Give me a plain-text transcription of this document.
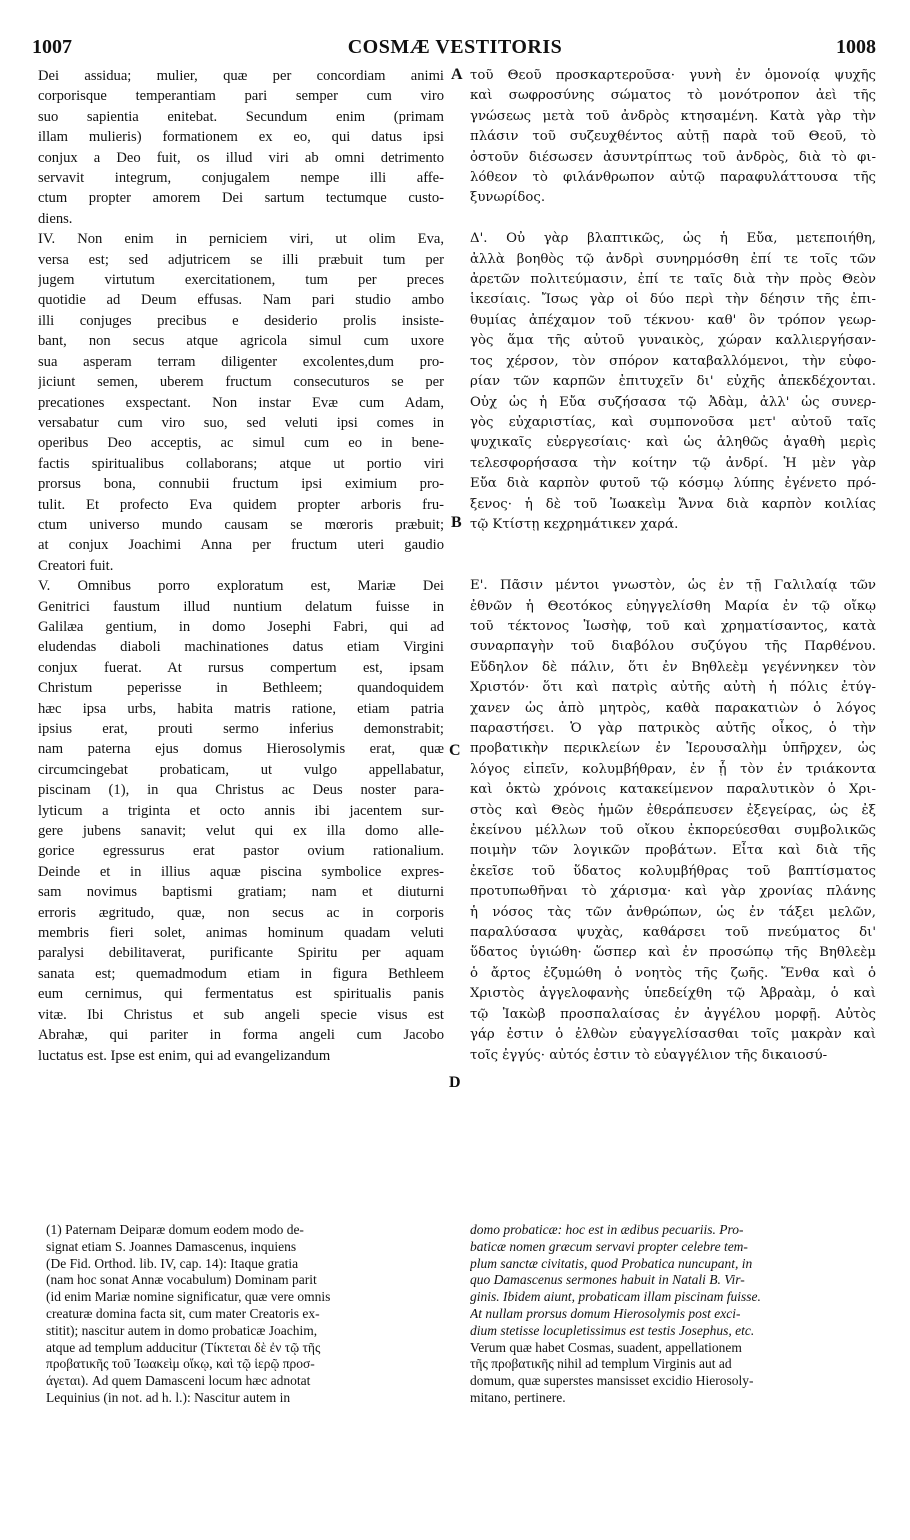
1007	COSMÆ VESTITORIS	1008
A
B
C
D
Dei assidua; mulier, quæ per concordiam animi
corporisque temperantiam pari semper cum viro
suo sapientia enitebat. Secundum enim (primam
illam mulieris) formationem ex eo, qui datus ipsi
conjux a Deo fuit, os illud viri ab omni detrimento
servavit integrum, conjugalem nempe illi affe-
ctum propter amorem Dei sartum tectumque custo-
diens.
IV. Non enim in perniciem viri, ut olim Eva,
versa est; sed adjutricem se illi præbuit tum per
jugem virtutum exercitationem, tum per preces
quotidie ad Deum effusas. Nam pari studio ambo
illi conjuges precibus e desiderio prolis insiste-
bant, non secus atque agricola simul cum uxore
sua asperam terram diligenter excolentes,dum pro-
jiciunt semen, uberem fructum consecuturos se per
precationes exspectant. Non instar Evæ cum Adam,
versabatur cum viro suo, sed veluti ipsi comes in
operibus Deo acceptis, ac simul cum eo in bene-
factis spiritualibus collaborans; atque ut portio viri
prorsus bona, connubii fructum ipsi eximium pro-
tulit. Et profecto Eva quidem propter arboris fru-
ctum universo mundo causam se mœroris præbuit;
at conjux Joachimi Anna per fructum uteri gaudio
Creatori fuit.
V. Omnibus porro exploratum est, Mariæ Dei
Genitrici faustum illud nuntium delatum fuisse in
Galilæa gentium, in domo Josephi Fabri, qui ad
eludendas diaboli machinationes datus etiam Virgini
conjux fuerat. At rursus compertum est, ipsam
Christum peperisse in Bethleem; quandoquidem
hæc ipsa urbs, habita matris ratione, etiam patria
ipsius erat, prouti sermo inferius demonstrabit;
nam paterna ejus domus Hierosolymis erat, quæ
circumcingebat probaticam, ut vulgo appellabatur,
piscinam (1), in qua Christus ac Deus noster para-
lyticum a triginta et octo annis ibi jacentem sur-
gere jubens sanavit; velut qui ex illa domo alle-
gorice egressurus erat pastor ovium rationalium.
Deinde et in illius aquæ piscina symbolice expres-
sam novimus baptismi gratiam; nam et diuturni
erroris ægritudo, quæ, non secus ac in corporis
membris fieri solet, animas hominum quadam veluti
paralysi debilitaverat, purificante Spiritu per aquam
sanata est; quemadmodum etiam in figura Bethleem
eum cernimus, qui fermentatus est spiritualis panis
vitæ. Ibi Christus et sub angeli specie visus est
Abrahæ, qui pariter in forma angeli cum Jacobo
luctatus est. Ipse est enim, qui ad evangelizandum
τοῦ Θεοῦ προσκαρτεροῦσα· γυνὴ ἐν ὁμονοίᾳ ψυχῆς
καὶ σωφροσύνης σώματος τὸ μονότροπον ἀεὶ τῆς
γνώσεως μετὰ τοῦ ἀνδρὸς κτησαμένη. Κατὰ γὰρ τὴν
πλάσιν τοῦ συζευχθέντος αὐτῇ παρὰ τοῦ Θεοῦ, τὸ
ὀστοῦν διέσωσεν ἀσυντρίπτως τοῦ ἀνδρὸς, διὰ τὸ φι-
λόθεον τὸ φιλάνθρωπον αὐτῷ παραφυλάττουσα τῆς
ξυνωρίδος.

Δ'. Οὐ γὰρ βλαπτικῶς, ὡς ἡ Εὔα, μετεποιήθη,
ἀλλὰ βοηθὸς τῷ ἀνδρὶ συνηρμόσθη ἐπί τε τοῖς τῶν
ἀρετῶν πολιτεύμασιν, ἐπί τε ταῖς διὰ τὴν πρὸς Θεὸν
ἱκεσίαις. Ἴσως γὰρ οἱ δύο περὶ τὴν δέησιν τῆς ἐπι-
θυμίας ἀπέχαμον τοῦ τέκνου· καθ' ὃν τρόπον γεωρ-
γὸς ἅμα τῆς αὐτοῦ γυναικὸς, χώραν καλλιεργήσαν-
τος χέρσον, τὸν σπόρον καταβαλλόμενοι, τὴν εὐφο-
ρίαν τῶν καρπῶν ἐπιτυχεῖν δι' εὐχῆς ἀπεκδέχονται.
Οὐχ ὡς ἡ Εὔα συζήσασα τῷ Ἀδὰμ, ἀλλ' ὡς συνερ-
γὸς εὐχαριστίας, καὶ συμπονοῦσα μετ' αὐτοῦ ταῖς
ψυχικαῖς εὐεργεσίαις· καὶ ὡς ἀληθῶς ἀγαθὴ μερὶς
τελεσφορήσασα τὴν κοίτην τῷ ἀνδρί. Ἡ μὲν γὰρ
Εὔα διὰ καρπὸν φυτοῦ τῷ κόσμῳ λύπης ἐγένετο πρό-
ξενος· ἡ δὲ τοῦ Ἰωακεὶμ Ἄννα διὰ καρπὸν κοιλίας
τῷ Κτίστῃ κεχρημάτικεν χαρά.

Ε'. Πᾶσιν μέντοι γνωστὸν, ὡς ἐν τῇ Γαλιλαίᾳ τῶν
ἐθνῶν ἡ Θεοτόκος εὐηγγελίσθη Μαρία ἐν τῷ οἴκῳ
τοῦ τέκτονος Ἰωσὴφ, τοῦ καὶ χρηματίσαντος, κατὰ
συναρπαγὴν τοῦ διαβόλου συζύγου τῆς Παρθένου.
Εὔδηλον δὲ πάλιν, ὅτι ἐν Βηθλεὲμ γεγέννηκεν τὸν
Χριστόν· ὅτι καὶ πατρὶς αὐτῆς αὐτὴ ἡ πόλις ἐτύγ-
χανεν ὡς ἀπὸ μητρὸς, καθὰ παρακατιὼν ὁ λόγος
παραστήσει. Ὁ γὰρ πατρικὸς αὐτῆς οἶκος, ὁ τὴν
προβατικὴν περικλείων ἐν Ἱερουσαλὴμ ὑπῆρχεν, ὡς
λόγος εἰπεῖν, κολυμβήθραν, ἐν ᾗ τὸν ἐν τριάκοντα
καὶ ὀκτὼ χρόνοις κατακείμενον παραλυτικὸν ὁ Χρι-
στὸς καὶ Θεὸς ἡμῶν ἐθεράπευσεν ἐξεγείρας, ὡς ἐξ
ἐκείνου μέλλων τοῦ οἴκου ἐκπορεύεσθαι συμβολικῶς
ποιμὴν τῶν λογικῶν προβάτων. Εἶτα καὶ διὰ τῆς
ἐκεῖσε τοῦ ὕδατος κολυμβήθρας τοῦ βαπτίσματος
προτυπωθῆναι τὸ χάρισμα· καὶ γὰρ χρονίας πλάνης
ἡ νόσος τὰς τῶν ἀνθρώπων, ὡς ἐν τάξει μελῶν,
παραλύσασα ψυχὰς, καθάρσει τοῦ πνεύματος δι'
ὕδατος ὑγιώθη· ὥσπερ καὶ ἐν προσώπῳ τῆς Βηθλεὲμ
ὁ ἄρτος ἐζυμώθη ὁ νοητὸς τῆς ζωῆς. Ἔνθα καὶ ὁ
Χριστὸς ἀγγελοφανὴς ὑπεδείχθη τῷ Ἀβραὰμ, ὁ καὶ
τῷ Ἰακὼβ προσπαλαίσας ἐν ἀγγέλου μορφῇ. Αὐτὸς
γάρ ἐστιν ὁ ἐλθὼν εὐαγγελίσασθαι τοῖς μακρὰν καὶ
τοῖς ἐγγύς· αὐτός ἐστιν τὸ εὐαγγέλιον τῆς δικαιοσύ-
(1) Paternam Deiparæ domum eodem modo de-
signat etiam S. Joannes Damascenus, inquiens
(De Fid. Orthod. lib. IV, cap. 14): Itaque gratia
(nam hoc sonat Annæ vocabulum) Dominam parit
(id enim Mariæ nomine significatur, quæ vere omnis
creaturæ domina facta sit, cum mater Creatoris ex-
stitit); nascitur autem in domo probaticæ Joachim,
atque ad templum adducitur (Τίκτεται δὲ ἐν τῷ τῆς
προβατικῆς τοῦ Ἰωακεὶμ οἴκῳ, καὶ τῷ ἱερῷ προσ-
άγεται). Ad quem Damasceni locum hæc adnotat
Lequinius (in not. ad h. l.): Nascitur autem in
domo probaticæ: hoc est in ædibus pecuariis. Pro-
baticæ nomen græcum servavi propter celebre tem-
plum sanctæ civitatis, quod Probatica nuncupant, in
quo Damascenus sermones habuit in Natali B. Vir-
ginis. Ibidem aiunt, probaticam illam piscinam fuisse.
At nullam prorsus domum Hierosolymis post exci-
dium stetisse locupletissimus est testis Josephus, etc.
Verum quæ habet Cosmas, suadent, appellationem
τῆς προβατικῆς nihil ad templum Virginis aut ad
domum, quæ superstes mansisset excidio Hierosoly-
mitano, pertinere.
